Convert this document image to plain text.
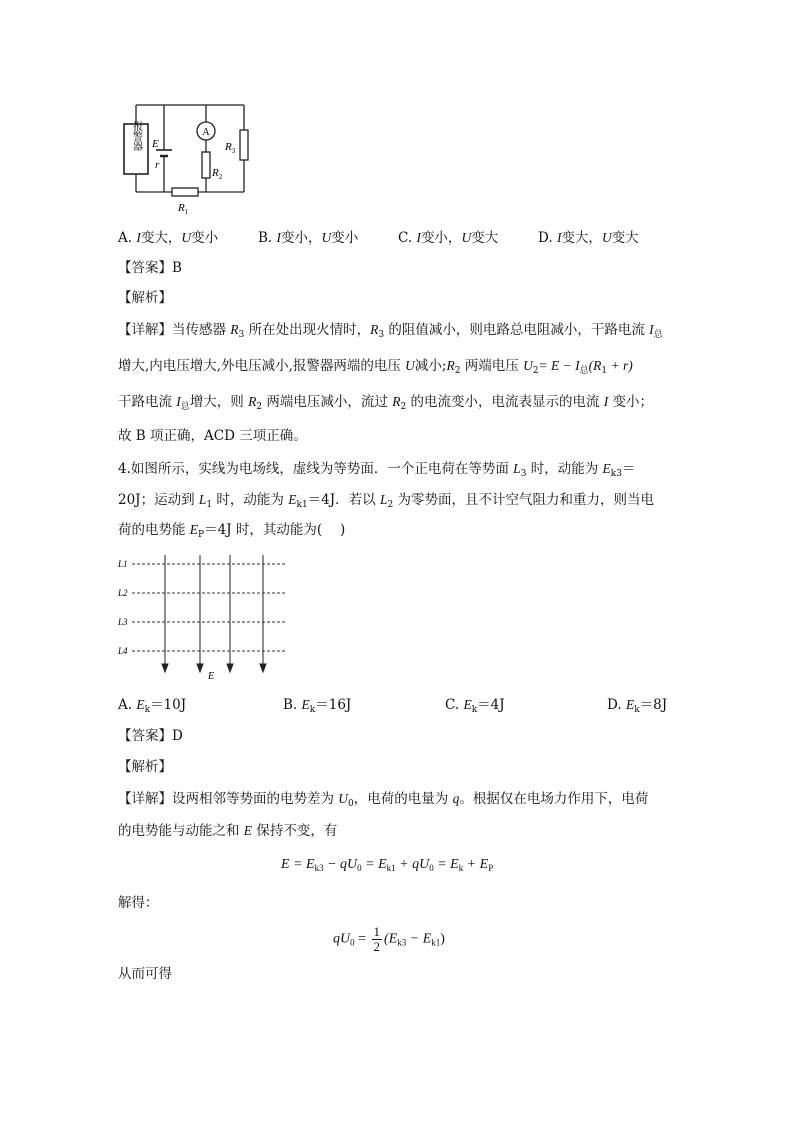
报警器	A
E
r
$R_1$
$R_2$
$R_3$
A. I变大，U变小	B. I变小，U变小	C. I变小，U变大	D. I变大，U变大
【答案】B
【解析】
【详解】当传感器 $R_3$ 所在处出现火情时，$R_3$ 的阻值减小，则电路总电阻减小，干路电流 $I_总$
增大,内电压增大,外电压减小,报警器两端的电压 U减小$;R_2$ 两端电压 $U_2= E - I_总(R_1 + r)$
干路电流 $I_总$增大，则 $R_2$ 两端电压减小，流过 $R_2$ 的电流变小，电流表显示的电流 I 变小；
故 B 项正确，ACD 三项正确。
4.如图所示，实线为电场线，虚线为等势面．一个正电荷在等势面 $L_3$ 时，动能为 $E_{k3}=$
20J；运动到 $L_1$ 时，动能为 $E_{k1}=4J$．若以 $L_2$ 为零势面，且不计空气阻力和重力，则当电
荷的电势能 $E_P=4J$ 时，其动能为(　 )
L1
L2
L3
L4
E
A. $E_k=10J$	B. $E_k=16J$	C. $E_k=4J$	D. $E_k=8J$
【答案】D
【解析】
【详解】设两相邻等势面的电势差为 $U_0$，电荷的电量为 q。根据仅在电场力作用下，电荷
的电势能与动能之和 E 保持不变，有
$E = E_{k3} - qU_0 = E_{k1} + qU_0 = E_k + E_P$
解得：
$qU_0 = \frac{1}{2} (E_{k3} - E_{k1})$
从而可得
